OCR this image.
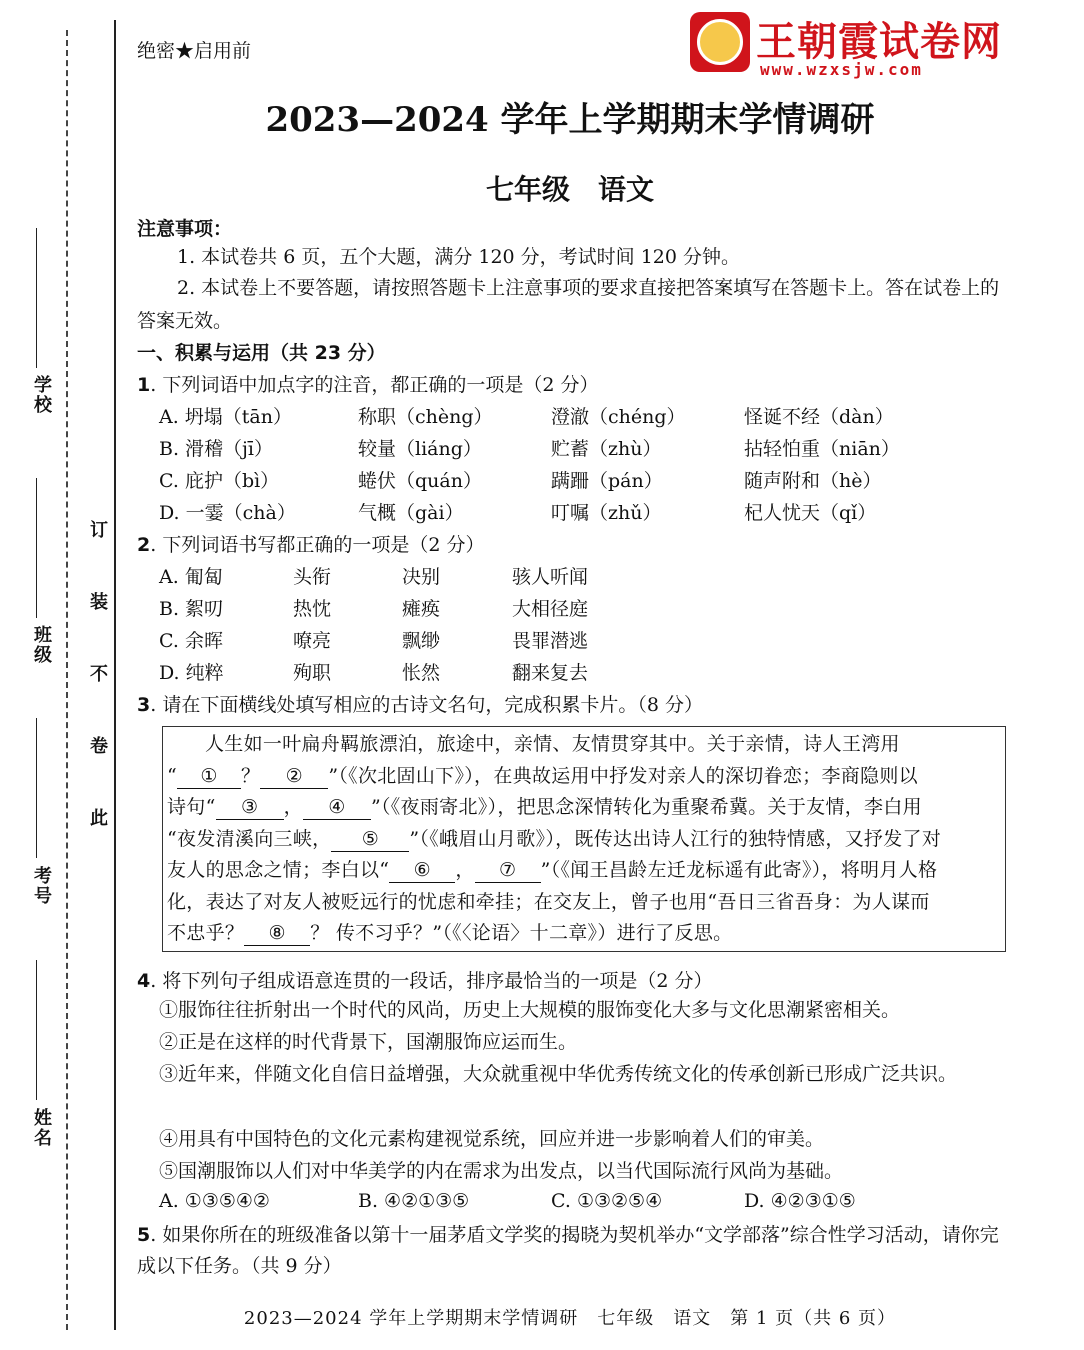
学校
班级
考号
姓名
订
装
不
卷
此
绝密★启用前	王朝霞试卷网
www.wzxsjw.com
2023—2024 学年上学期期末学情调研
七年级　语文
注意事项：
1. 本试卷共 6 页，五个大题，满分 120 分，考试时间 120 分钟。
2. 本试卷上不要答题，请按照答题卡上注意事项的要求直接把答案填写在答题卡上。答在试卷上的答案无效。
一、积累与运用（共 23 分）
1. 下列词语中加点字的注音，都正确的一项是（2 分）
A. 坍塌（tān）	称职（chèng）	澄澈（chéng）	怪诞不经（dàn）
B. 滑稽（jī）	较量（liáng）	贮蓄（zhù）	拈轻怕重（niān）
C. 庇护（bì）	蜷伏（quán）	蹒跚（pán）	随声附和（hè）
D. 一霎（chà）	气概（gài）	叮嘱（zhǔ）	杞人忧天（qǐ）
2. 下列词语书写都正确的一项是（2 分）
A. 匍匐	头衔	决别	骇人听闻
B. 絮叨	热忱	瘫痪	大相径庭
C. 余晖	嘹亮	飘缈	畏罪潜逃
D. 纯粹	殉职	怅然	翻来复去
3. 请在下面横线处填写相应的古诗文名句，完成积累卡片。（8 分）

人生如一叶扁舟羁旅漂泊，旅途中，亲情、友情贯穿其中。关于亲情，诗人王湾用

“ ① ？ ② ”（《次北固山下》），在典故运用中抒发对亲人的深切眷恋；李商隐则以

诗句“ ③ ， ④ ”（《夜雨寄北》），把思念深情转化为重聚希冀。关于友情，李白用

“夜发清溪向三峡， ⑤ ”（《峨眉山月歌》），既传达出诗人江行的独特情感，又抒发了对

友人的思念之情；李白以“ ⑥ ， ⑦ ”（《闻王昌龄左迁龙标遥有此寄》），将明月人格

化，表达了对友人被贬远行的忧虑和牵挂；在交友上，曾子也用“吾日三省吾身：为人谋而

不忠乎？ ⑧ ？ 传不习乎？”（《〈论语〉十二章》）进行了反思。

4. 将下列句子组成语意连贯的一段话，排序最恰当的一项是（2 分）
①服饰往往折射出一个时代的风尚，历史上大规模的服饰变化大多与文化思潮紧密相关。
②正是在这样的时代背景下，国潮服饰应运而生。
③近年来，伴随文化自信日益增强，大众就重视中华优秀传统文化的传承创新已形成广泛共识。
④用具有中国特色的文化元素构建视觉系统，回应并进一步影响着人们的审美。
⑤国潮服饰以人们对中华美学的内在需求为出发点，以当代国际流行风尚为基础。
A. ①③⑤④②	B. ④②①③⑤	C. ①③②⑤④	D. ④②③①⑤
5. 如果你所在的班级准备以第十一届茅盾文学奖的揭晓为契机举办“文学部落”综合性学习活动，请你完成以下任务。（共 9 分）
2023—2024 学年上学期期末学情调研　七年级　语文　第 1 页（共 6 页）
